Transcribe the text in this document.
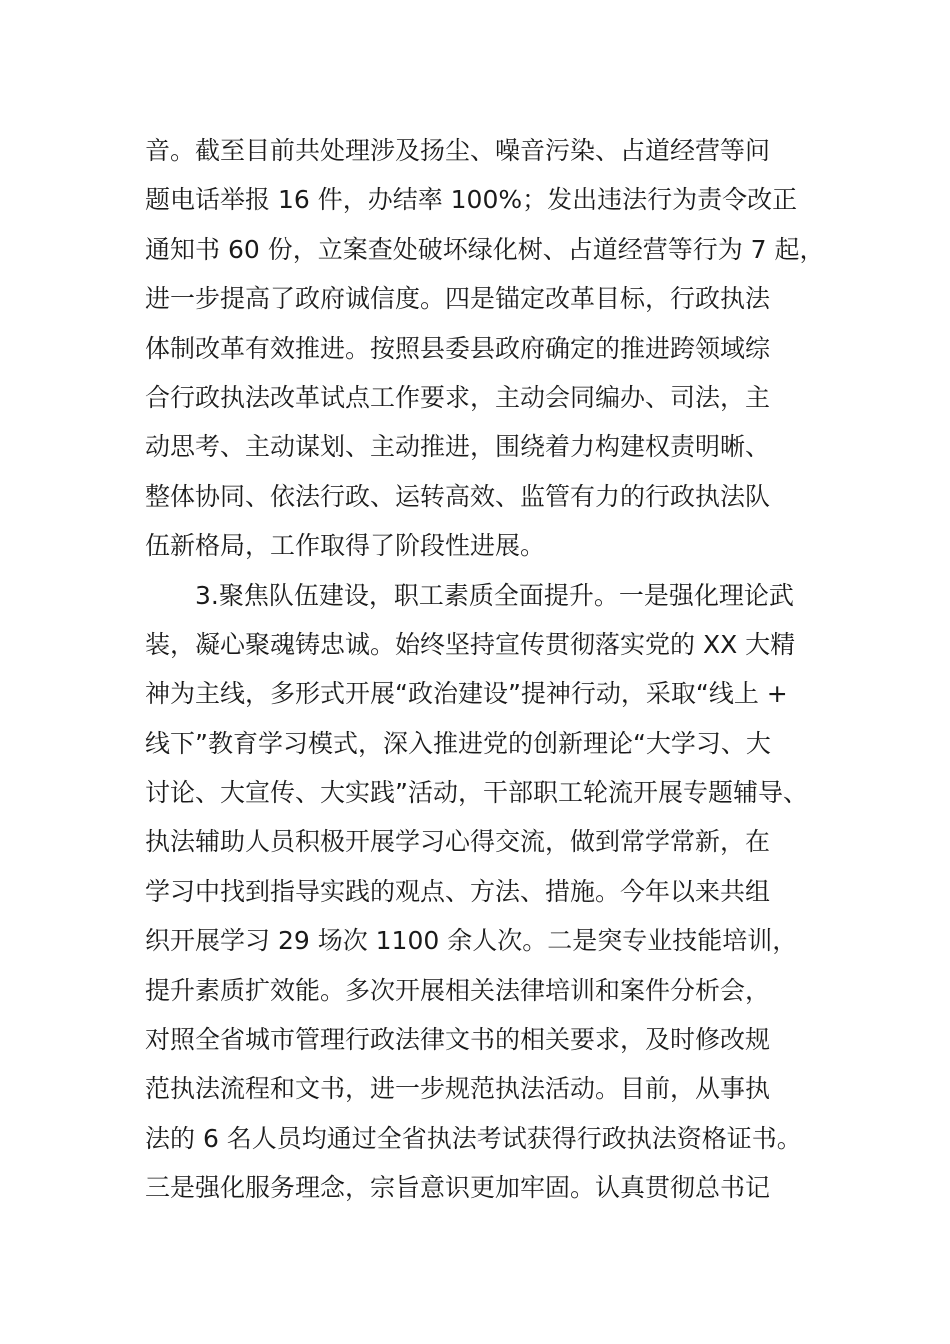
音。截至目前共处理涉及扬尘、噪音污染、占道经营等问
题电话举报 16 件，办结率 100%；发出违法行为责令改正
通知书 60 份，立案查处破坏绿化树、占道经营等行为 7 起，
进一步提高了政府诚信度。四是锚定改革目标，行政执法
体制改革有效推进。按照县委县政府确定的推进跨领域综
合行政执法改革试点工作要求，主动会同编办、司法，主
动思考、主动谋划、主动推进，围绕着力构建权责明晰、
整体协同、依法行政、运转高效、监管有力的行政执法队
伍新格局，工作取得了阶段性进展。
3.聚焦队伍建设，职工素质全面提升。一是强化理论武
装，凝心聚魂铸忠诚。始终坚持宣传贯彻落实党的 XX 大精
神为主线，多形式开展“政治建设”提神行动，采取“线上 +
线下”教育学习模式，深入推进党的创新理论“大学习、大
讨论、大宣传、大实践”活动，干部职工轮流开展专题辅导、
执法辅助人员积极开展学习心得交流，做到常学常新，在
学习中找到指导实践的观点、方法、措施。今年以来共组
织开展学习 29 场次 1100 余人次。二是突专业技能培训，
提升素质扩效能。多次开展相关法律培训和案件分析会，
对照全省城市管理行政法律文书的相关要求，及时修改规
范执法流程和文书，进一步规范执法活动。目前，从事执
法的 6 名人员均通过全省执法考试获得行政执法资格证书。
三是强化服务理念，宗旨意识更加牢固。认真贯彻总书记
